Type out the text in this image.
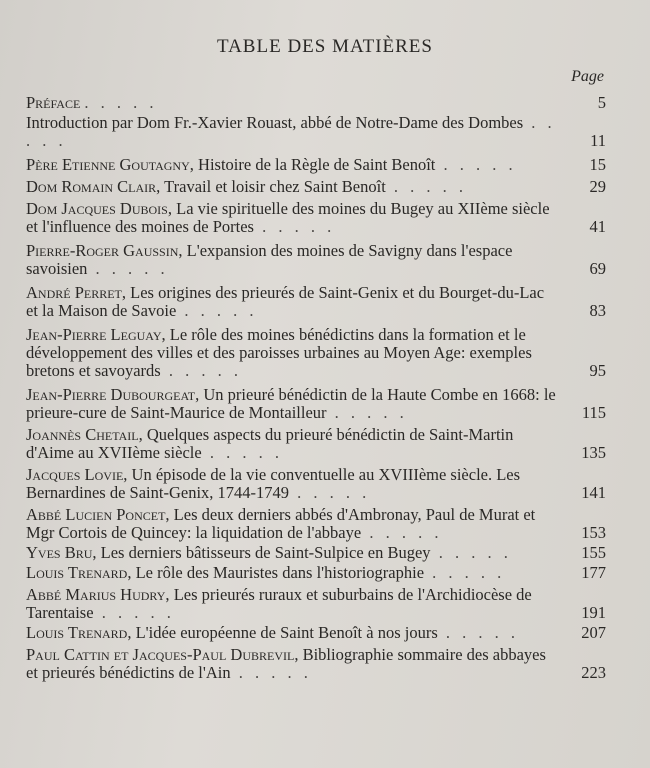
TABLE DES MATIÈRES
Page
Préface . . . . .	5
Introduction par Dom Fr.-Xavier Rouast, abbé de Notre-Dame des Dombes . . . . .	11
Père Etienne Goutagny, Histoire de la Règle de Saint Benoît . . . . .	15
Dom Romain Clair, Travail et loisir chez Saint Benoît . . . . .	29
Dom Jacques Dubois, La vie spirituelle des moines du Bugey au XIIème siècle et l'influence des moines de Portes . . . . .	41
Pierre-Roger Gaussin, L'expansion des moines de Savigny dans l'espace savoisien . . . . .	69
André Perret, Les origines des prieurés de Saint-Genix et du Bourget-du-Lac et la Maison de Savoie . . . . .	83
Jean-Pierre Leguay, Le rôle des moines bénédictins dans la formation et le développement des villes et des paroisses urbaines au Moyen Age: exemples bretons et savoyards . . . . .	95
Jean-Pierre Dubourgeat, Un prieuré bénédictin de la Haute Combe en 1668: le prieure-cure de Saint-Maurice de Montailleur . . . . .	115
Joannès Chetail, Quelques aspects du prieuré bénédictin de Saint-Martin d'Aime au XVIIème siècle . . . . .	135
Jacques Lovie, Un épisode de la vie conventuelle au XVIIIème siècle. Les Bernardines de Saint-Genix, 1744-1749 . . . . .	141
Abbé Lucien Poncet, Les deux derniers abbés d'Ambronay, Paul de Murat et Mgr Cortois de Quincey: la liquidation de l'abbaye . . . . .	153
Yves Bru, Les derniers bâtisseurs de Saint-Sulpice en Bugey . . . . .	155
Louis Trenard, Le rôle des Mauristes dans l'historiographie . . . . .	177
Abbé Marius Hudry, Les prieurés ruraux et suburbains de l'Archidiocèse de Tarentaise . . . . .	191
Louis Trenard, L'idée européenne de Saint Benoît à nos jours . . . . .	207
Paul Cattin et Jacques-Paul Dubrevil, Bibliographie sommaire des abbayes et prieurés bénédictins de l'Ain . . . . .	223
